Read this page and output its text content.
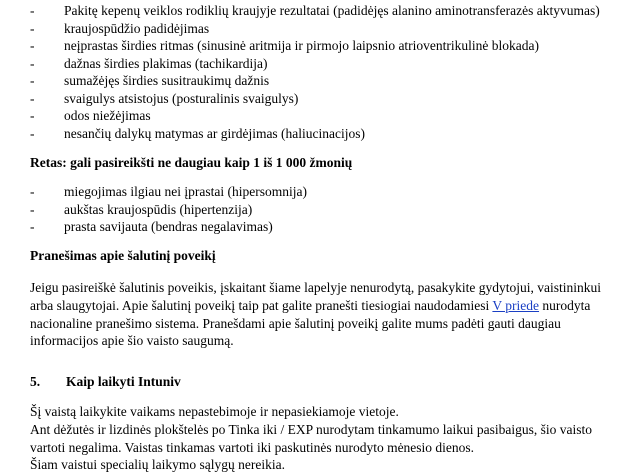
- Pakitę kepenų veiklos rodiklių kraujyje rezultatai (padidėjęs alanino aminotransferazės aktyvumas)
- kraujospūdžio padidėjimas
- neįprastas širdies ritmas (sinusinė aritmija ir pirmojo laipsnio atrioventrikulinė blokada)
- dažnas širdies plakimas (tachikardija)
- sumažėjęs širdies susitraukimų dažnis
- svaigulys atsistojus (posturalinis svaigulys)
- odos niežėjimas
- nesančių dalykų matymas ar girdėjimas (haliucinacijos)
Retas: gali pasireikšti ne daugiau kaip 1 iš 1 000 žmonių
- miegojimas ilgiau nei įprastai (hipersomnija)
- aukštas kraujospūdis (hipertenzija)
- prasta savijauta (bendras negalavimas)
Pranešimas apie šalutinį poveikį

Jeigu pasireiškė šalutinis poveikis, įskaitant šiame lapelyje nenurodytą, pasakykite gydytojui, vaistininkui arba slaugytojai. Apie šalutinį poveikį taip pat galite pranešti tiesiogiai naudodamiesi V priede nurodyta nacionaline pranešimo sistema. Pranešdami apie šalutinį poveikį galite mums padėti gauti daugiau informacijos apie šio vaisto saugumą.

5. Kaip laikyti Intuniv

Šį vaistą laikykite vaikams nepastebimoje ir nepasiekiamoje vietoje.

Ant dėžutės ir lizdinės plokštelės po Tinka iki / EXP nurodytam tinkamumo laikui pasibaigus, šio vaisto vartoti negalima. Vaistas tinkamas vartoti iki paskutinės nurodyto mėnesio dienos.

Šiam vaistui specialių laikymo sąlygų nereikia.
